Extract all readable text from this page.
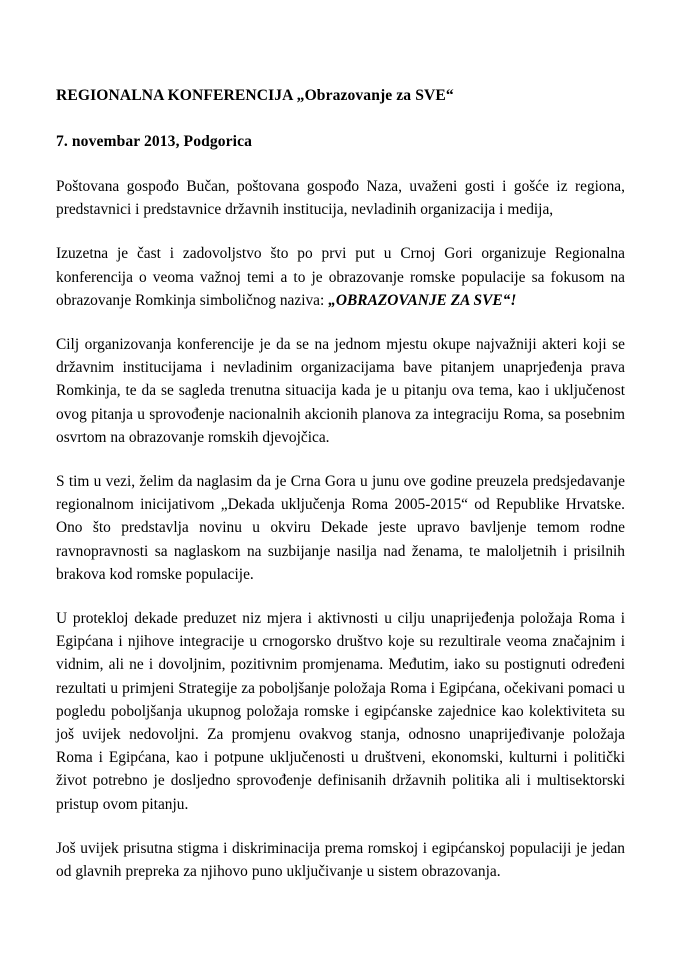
REGIONALNA KONFERENCIJA „Obrazovanje za SVE“
7. novembar 2013, Podgorica

Poštovana gospođo Bučan, poštovana gospođo Naza, uvaženi gosti i gošće iz regiona, predstavnici i predstavnice državnih institucija, nevladinih organizacija i medija,

Izuzetna je čast i zadovoljstvo što po prvi put u Crnoj Gori organizuje Regionalna konferencija o veoma važnoj temi a to je obrazovanje romske populacije sa fokusom na obrazovanje Romkinja simboličnog naziva: „OBRAZOVANJE ZA SVE“!

Cilj organizovanja konferencije je da se na jednom mjestu okupe najvažniji akteri koji se državnim institucijama i nevladinim organizacijama bave pitanjem unaprjeđenja prava Romkinja, te da se sagleda trenutna situacija kada je u pitanju ova tema, kao i uključenost ovog pitanja u sprovođenje nacionalnih akcionih planova za integraciju Roma, sa posebnim osvrtom na obrazovanje romskih djevojčica.

S tim u vezi, želim da naglasim da je Crna Gora u junu ove godine preuzela predsjedavanje regionalnom inicijativom „Dekada uključenja Roma 2005-2015“ od Republike Hrvatske. Ono što predstavlja novinu u okviru Dekade jeste upravo bavljenje temom rodne ravnopravnosti sa naglaskom na suzbijanje nasilja nad ženama, te maloljetnih i prisilnih brakova kod romske populacije.

U protekloj dekade preduzet niz mjera i aktivnosti u cilju unaprijeđenja položaja Roma i Egipćana i njihove integracije u crnogorsko društvo koje su rezultirale veoma značajnim i vidnim, ali ne i dovoljnim, pozitivnim promjenama. Međutim, iako su postignuti određeni rezultati u primjeni Strategije za poboljšanje položaja Roma i Egipćana, očekivani pomaci u pogledu poboljšanja ukupnog položaja romske i egipćanske zajednice kao kolektiviteta su još uvijek nedovoljni. Za promjenu ovakvog stanja, odnosno unaprijeđivanje položaja Roma i Egipćana, kao i potpune uključenosti u društveni, ekonomski, kulturni i politički život potrebno je dosljedno sprovođenje definisanih državnih politika ali i multisektorski pristup ovom pitanju.

Još uvijek prisutna stigma i diskriminacija prema romskoj i egipćanskoj populaciji je jedan od glavnih prepreka za njihovo puno uključivanje u sistem obrazovanja.
